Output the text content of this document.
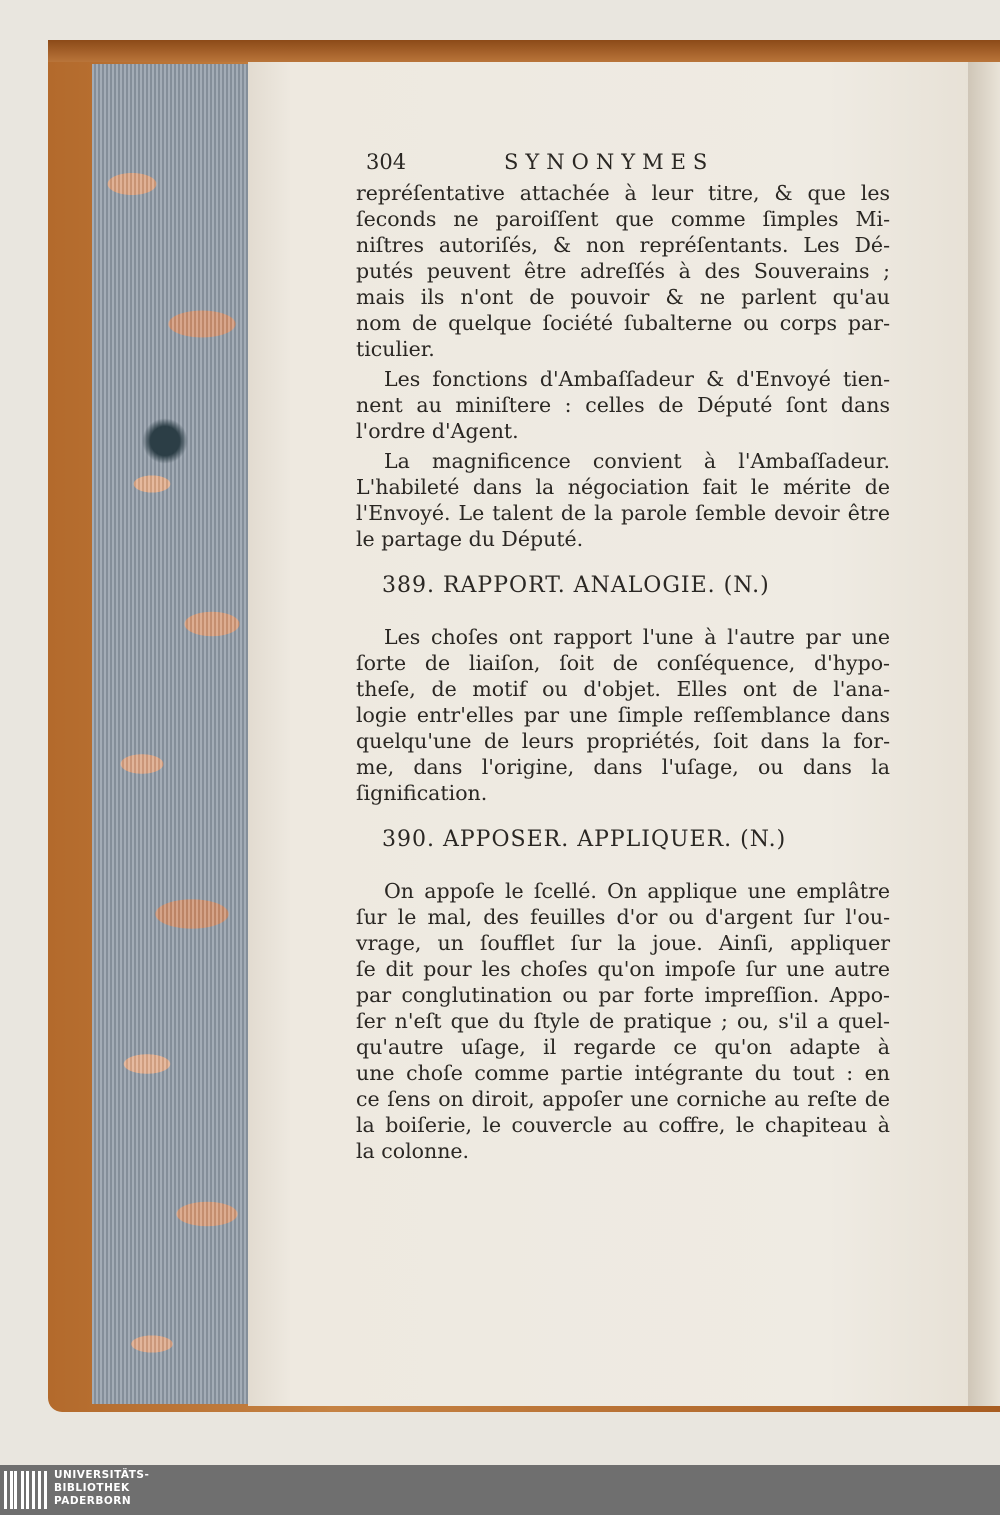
304	SYNONYMES
repréſentative attachée à leur titre, & que les
ſeconds ne paroiſſent que comme ſimples Mi-
niſtres autoriſés, & non repréſentants. Les Dé-
putés peuvent être adreſſés à des Souverains ;
mais ils n'ont de pouvoir & ne parlent qu'au
nom de quelque ſociété ſubalterne ou corps par-
ticulier.
Les fonctions d'Ambaſſadeur & d'Envoyé tien-
nent au miniſtere : celles de Député ſont dans
l'ordre d'Agent.
La magnificence convient à l'Ambaſſadeur.
L'habileté dans la négociation fait le mérite de
l'Envoyé. Le talent de la parole ſemble devoir être
le partage du Député.
389. RAPPORT. ANALOGIE. (N.)
Les choſes ont rapport l'une à l'autre par une
ſorte de liaiſon, ſoit de conſéquence, d'hypo-
theſe, de motif ou d'objet. Elles ont de l'ana-
logie entr'elles par une ſimple reſſemblance dans
quelqu'une de leurs propriétés, ſoit dans la for-
me, dans l'origine, dans l'uſage, ou dans la
ſignification.
390. APPOSER. APPLIQUER. (N.)
On appoſe le ſcellé. On applique une emplâtre
ſur le mal, des feuilles d'or ou d'argent ſur l'ou-
vrage, un ſoufflet ſur la joue. Ainſi, appliquer
ſe dit pour les choſes qu'on impoſe ſur une autre
par conglutination ou par forte impreſſion. Appo-
ſer n'eſt que du ſtyle de pratique ; ou, s'il a quel-
qu'autre uſage, il regarde ce qu'on adapte à
une choſe comme partie intégrante du tout : en
ce ſens on diroit, appoſer une corniche au reſte de
la boiſerie, le couvercle au coffre, le chapiteau à
la colonne.
UNIVERSITÄTS-
BIBLIOTHEK
PADERBORN
